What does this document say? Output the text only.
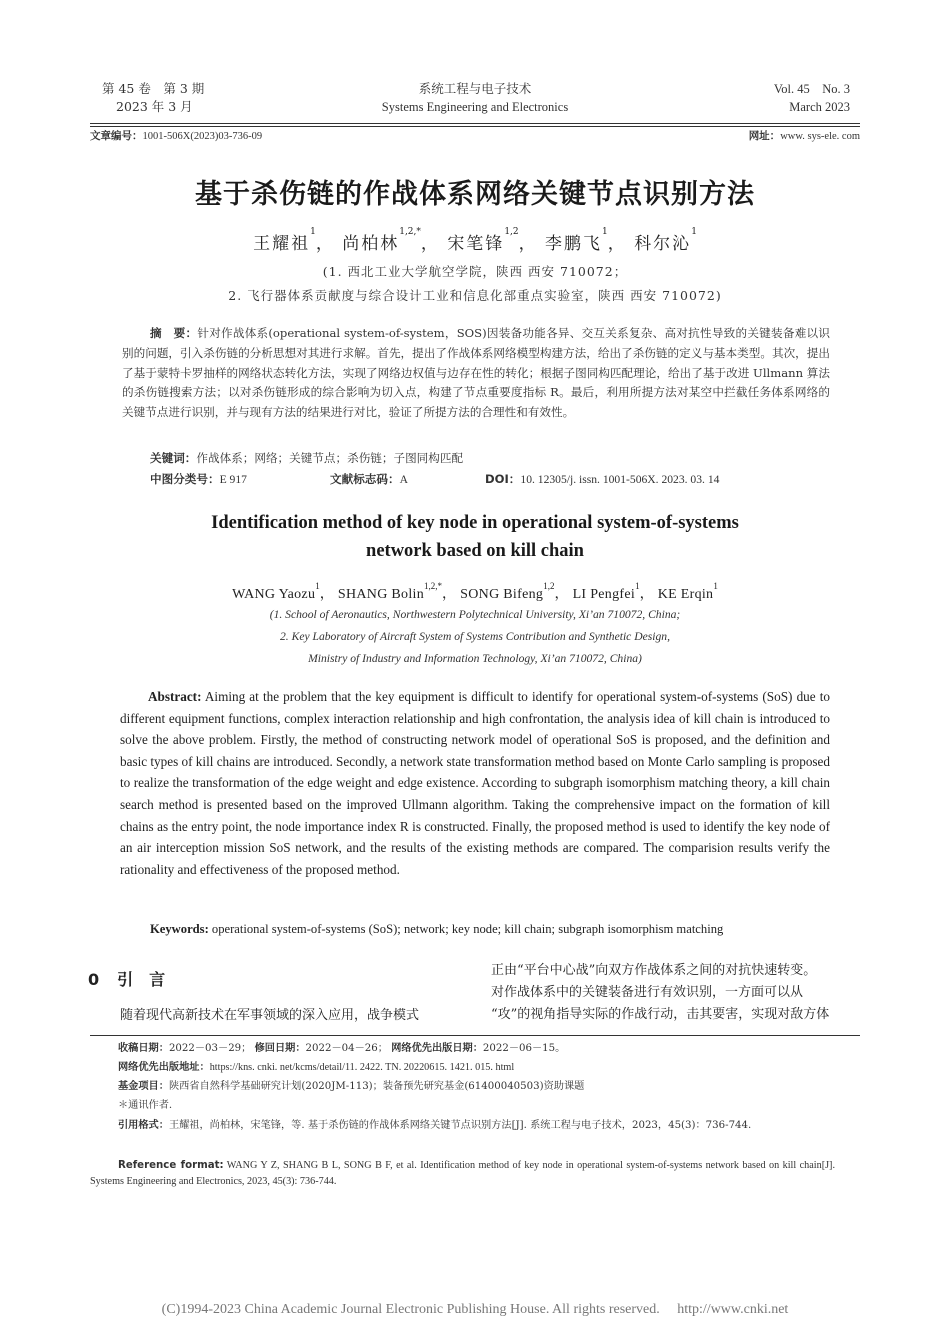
第 45 卷　第 3 期
2023 年 3 月
系统工程与电子技术
Systems Engineering and Electronics
Vol. 45　No. 3
March 2023
文章编号：1001-506X(2023)03-736-09	网址：www. sys-ele. com
基于杀伤链的作战体系网络关键节点识别方法
王耀祖$^1$， 尚柏林$^{1,2,*}$， 宋笔锋$^{1,2}$， 李鹏飞$^1$， 科尔沁$^1$
(1. 西北工业大学航空学院，陕西 西安 710072；
2. 飞行器体系贡献度与综合设计工业和信息化部重点实验室，陕西 西安 710072)
摘　要：针对作战体系(operational system-of-system，SOS)因装备功能各异、交互关系复杂、高对抗性导致的关键装备难以识别的问题，引入杀伤链的分析思想对其进行求解。首先，提出了作战体系网络模型构建方法，给出了杀伤链的定义与基本类型。其次，提出了基于蒙特卡罗抽样的网络状态转化方法，实现了网络边权值与边存在性的转化；根据子图同构匹配理论，给出了基于改进 Ullmann 算法的杀伤链搜索方法；以对杀伤链形成的综合影响为切入点，构建了节点重要度指标 R。最后，利用所提方法对某空中拦截任务体系网络的关键节点进行识别，并与现有方法的结果进行对比，验证了所提方法的合理性和有效性。
关键词：作战体系；网络；关键节点；杀伤链；子图同构匹配
中图分类号：E 917	文献标志码：A	DOI：10. 12305/j. issn. 1001-506X. 2023. 03. 14
Identification method of key node in operational system-of-systems
network based on kill chain
WANG Yaozu$^1$， SHANG Bolin$^{1,2,*}$， SONG Bifeng$^{1,2}$， LI Pengfei$^1$， KE Erqin$^1$
(1. School of Aeronautics, Northwestern Polytechnical University, Xi’an 710072, China;
2. Key Laboratory of Aircraft System of Systems Contribution and Synthetic Design,
Ministry of Industry and Information Technology, Xi’an 710072, China)
Abstract: Aiming at the problem that the key equipment is difficult to identify for operational system-of-systems (SoS) due to different equipment functions, complex interaction relationship and high confrontation, the analysis idea of kill chain is introduced to solve the above problem. Firstly, the method of constructing network model of operational SoS is proposed, and the definition and basic types of kill chains are introduced. Secondly, a network state transformation method based on Monte Carlo sampling is proposed to realize the transformation of the edge weight and edge existence. According to subgraph isomorphism matching theory, a kill chain search method is presented based on the improved Ullmann algorithm. Taking the comprehensive impact on the formation of kill chains as the entry point, the node importance index R is constructed. Finally, the proposed method is used to identify the key node of an air interception mission SoS network, and the results of the existing methods are compared. The comparision results verify the rationality and effectiveness of the proposed method.
Keywords: operational system-of-systems (SoS); network; key node; kill chain; subgraph isomorphism matching
0 引　言
随着现代高新技术在军事领域的深入应用，战争模式
正由“平台中心战”向双方作战体系之间的对抗快速转变。
对作战体系中的关键装备进行有效识别，一方面可以从
“攻”的视角指导实际的作战行动，击其要害，实现对敌方体
收稿日期：2022－03－29； 修回日期：2022－04－26； 网络优先出版日期：2022－06－15。
网络优先出版地址：https://kns. cnki. net/kcms/detail/11. 2422. TN. 20220615. 1421. 015. html
基金项目：陕西省自然科学基础研究计划(2020JM-113)；装备预先研究基金(61400040503)资助课题
＊通讯作者.
引用格式：王耀祖，尚柏林，宋笔锋，等. 基于杀伤链的作战体系网络关键节点识别方法[J]. 系统工程与电子技术，2023，45(3)：736-744.
Reference format: WANG Y Z, SHANG B L, SONG B F, et al. Identification method of key node in operational system-of-systems network based on kill chain[J]. Systems Engineering and Electronics, 2023, 45(3): 736-744.
(C)1994-2023 China Academic Journal Electronic Publishing House. All rights reserved.　 http://www.cnki.net
